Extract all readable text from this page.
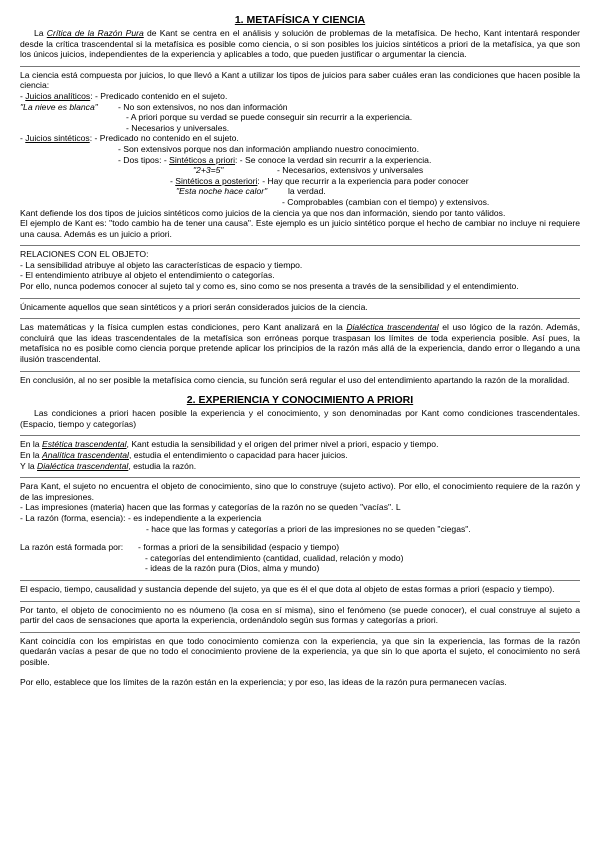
1. METAFÍSICA Y CIENCIA

La Crítica de la Razón Pura de Kant se centra en el análisis y solución de problemas de la metafísica. De hecho, Kant intentará responder desde la crítica trascendental si la metafísica es posible como ciencia, o si son posibles los juicios sintéticos a priori de la metafísica, ya que son los únicos juicios, independientes de la experiencia y aplicables a todo, que pueden justificar o argumentar la ciencia.

La ciencia está compuesta por juicios, lo que llevó a Kant a utilizar los tipos de juicios para saber cuáles eran las condiciones que hacen posible la ciencia:

- Juicios analíticos: - Predicado contenido en el sujeto.
"La nieve es blanca" - No son extensivos, no nos dan información
- A priori porque su verdad se puede conseguir sin recurrir a la experiencia.
- Necesarios y universales.
- Juicios sintéticos: - Predicado no contenido en el sujeto.
- Son extensivos porque nos dan información ampliando nuestro conocimiento.
- Dos tipos: - Sintéticos a priori: - Se conoce la verdad sin recurrir a la experiencia.
"2+3=5"	- Necesarios, extensivos y universales
- Sintéticos a posteriori: - Hay que recurrir a la experiencia para poder conocer
"Esta noche hace calor" la verdad.
- Comprobables (cambian con el tiempo) y extensivos.

Kant defiende los dos tipos de juicios sintéticos como juicios de la ciencia ya que nos dan información, siendo por tanto válidos.

El ejemplo de Kant es: "todo cambio ha de tener una causa". Este ejemplo es un juicio sintético porque el hecho de cambiar no incluye ni requiere una causa. Además es un juicio a priori.

RELACIONES CON EL OBJETO:

- La sensibilidad atribuye al objeto las características de espacio y tiempo.

- El entendimiento atribuye al objeto el entendimiento o categorías.

Por ello, nunca podemos conocer al sujeto tal y como es, sino como se nos presenta a través de la sensibilidad y el entendimiento.

Únicamente aquellos que sean sintéticos y a priori serán considerados juicios de la ciencia.

Las matemáticas y la física cumplen estas condiciones, pero Kant analizará en la Dialéctica trascendental el uso lógico de la razón. Además, concluirá que las ideas trascendentales de la metafísica son erróneas porque traspasan los límites de toda experiencia posible. Así pues, la metafísica no es posible como ciencia porque pretende aplicar los principios de la razón más allá de la experiencia, dando error o llegando a una ilusión trascendental.

En conclusión, al no ser posible la metafísica como ciencia, su función será regular el uso del entendimiento apartando la razón de la moralidad.

2. EXPERIENCIA Y CONOCIMIENTO A PRIORI

Las condiciones a priori hacen posible la experiencia y el conocimiento, y son denominadas por Kant como condiciones trascendentales. (Espacio, tiempo y categorías)

En la Estética trascendental, Kant estudia la sensibilidad y el origen del primer nivel a priori, espacio y tiempo.

En la Analítica trascendental, estudia el entendimiento o capacidad para hacer juicios.

Y la Dialéctica trascendental, estudia la razón.

Para Kant, el sujeto no encuentra el objeto de conocimiento, sino que lo construye (sujeto activo). Por ello, el conocimiento requiere de la razón y de las impresiones.

- Las impresiones (materia) hacen que las formas y categorías de la razón no se queden "vacías". L

- La razón (forma, esencia): - es independiente a la experiencia

- hace que las formas y categorías a priori de las impresiones no se queden "ciegas".

La razón está formada por: - formas a priori de la sensibilidad (espacio y tiempo)
- categorías del entendimiento (cantidad, cualidad, relación y modo)
- ideas de la razón pura (Dios, alma y mundo)

El espacio, tiempo, causalidad y sustancia depende del sujeto, ya que es él el que dota al objeto de estas formas a priori (espacio y tiempo).

Por tanto, el objeto de conocimiento no es nóumeno (la cosa en sí misma), sino el fenómeno (se puede conocer), el cual construye al sujeto a partir del caos de sensaciones que aporta la experiencia, ordenándolo según sus formas y categorías a priori.

Kant coincidía con los empiristas en que todo conocimiento comienza con la experiencia, ya que sin la experiencia, las formas de la razón quedarán vacías a pesar de que no todo el conocimiento proviene de la experiencia, ya que sin lo que aporta el sujeto, el conocimiento no será posible.

Por ello, establece que los límites de la razón están en la experiencia; y por eso, las ideas de la razón pura permanecen vacías.
